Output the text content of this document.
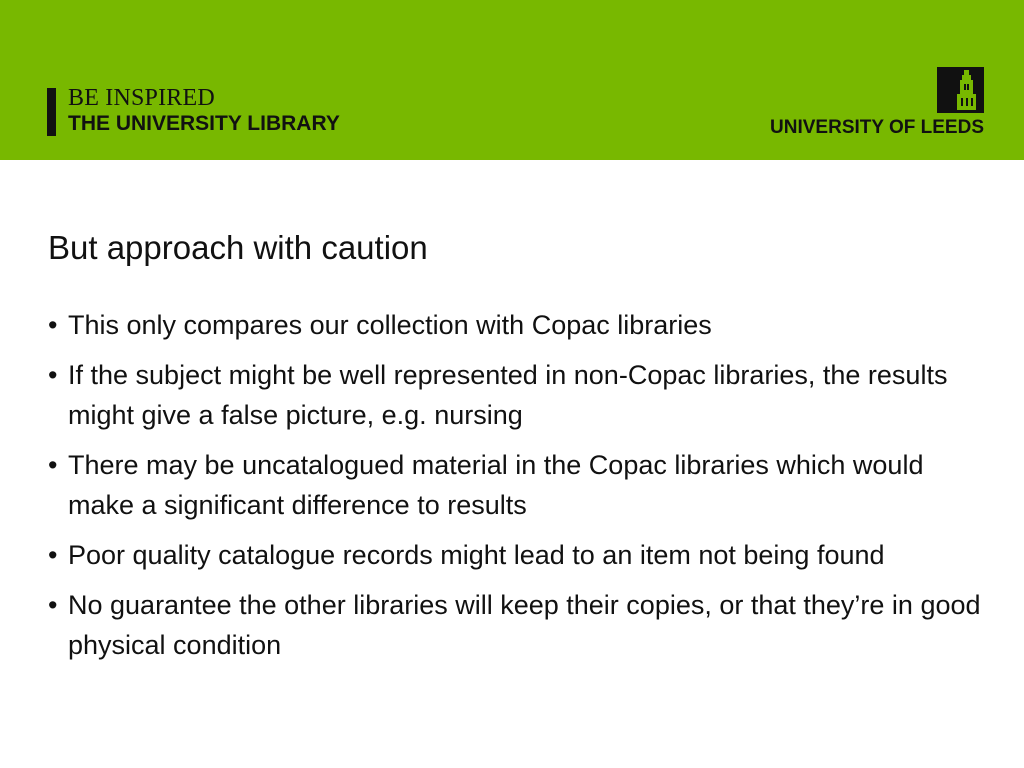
BE INSPIRED
THE UNIVERSITY LIBRARY	UNIVERSITY OF LEEDS
But approach with caution
• This only compares our collection with Copac libraries
• If the subject might be well represented in non-Copac libraries, the results might give a false picture, e.g. nursing
• There may be uncatalogued material in the Copac libraries which would make a significant difference to results
• Poor quality catalogue records might lead to an item not being found
• No guarantee the other libraries will keep their copies, or that they’re in good physical condition
